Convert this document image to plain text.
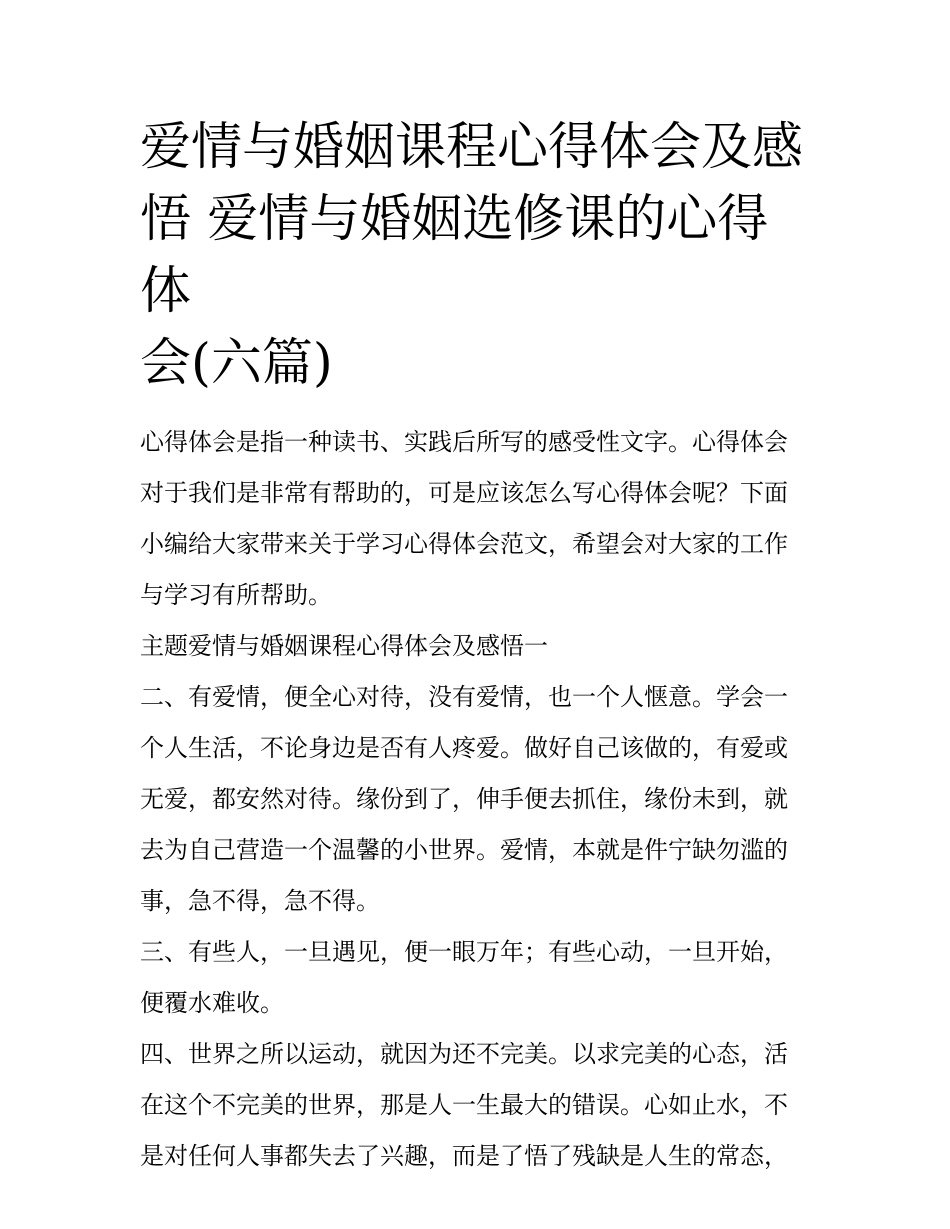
爱情与婚姻课程心得体会及感
悟 爱情与婚姻选修课的心得体
会(六篇)

心得体会是指一种读书、实践后所写的感受性文字。心得体会

对于我们是非常有帮助的，可是应该怎么写心得体会呢？下面

小编给大家带来关于学习心得体会范文，希望会对大家的工作

与学习有所帮助。

主题爱情与婚姻课程心得体会及感悟一

二、有爱情，便全心对待，没有爱情，也一个人惬意。学会一

个人生活，不论身边是否有人疼爱。做好自己该做的，有爱或

无爱，都安然对待。缘份到了，伸手便去抓住，缘份未到，就

去为自己营造一个温馨的小世界。爱情，本就是件宁缺勿滥的

事，急不得，急不得。

三、有些人，一旦遇见，便一眼万年；有些心动，一旦开始，

便覆水难收。

四、世界之所以运动，就因为还不完美。以求完美的心态，活

在这个不完美的世界，那是人一生最大的错误。心如止水，不

是对任何人事都失去了兴趣，而是了悟了残缺是人生的常态，
